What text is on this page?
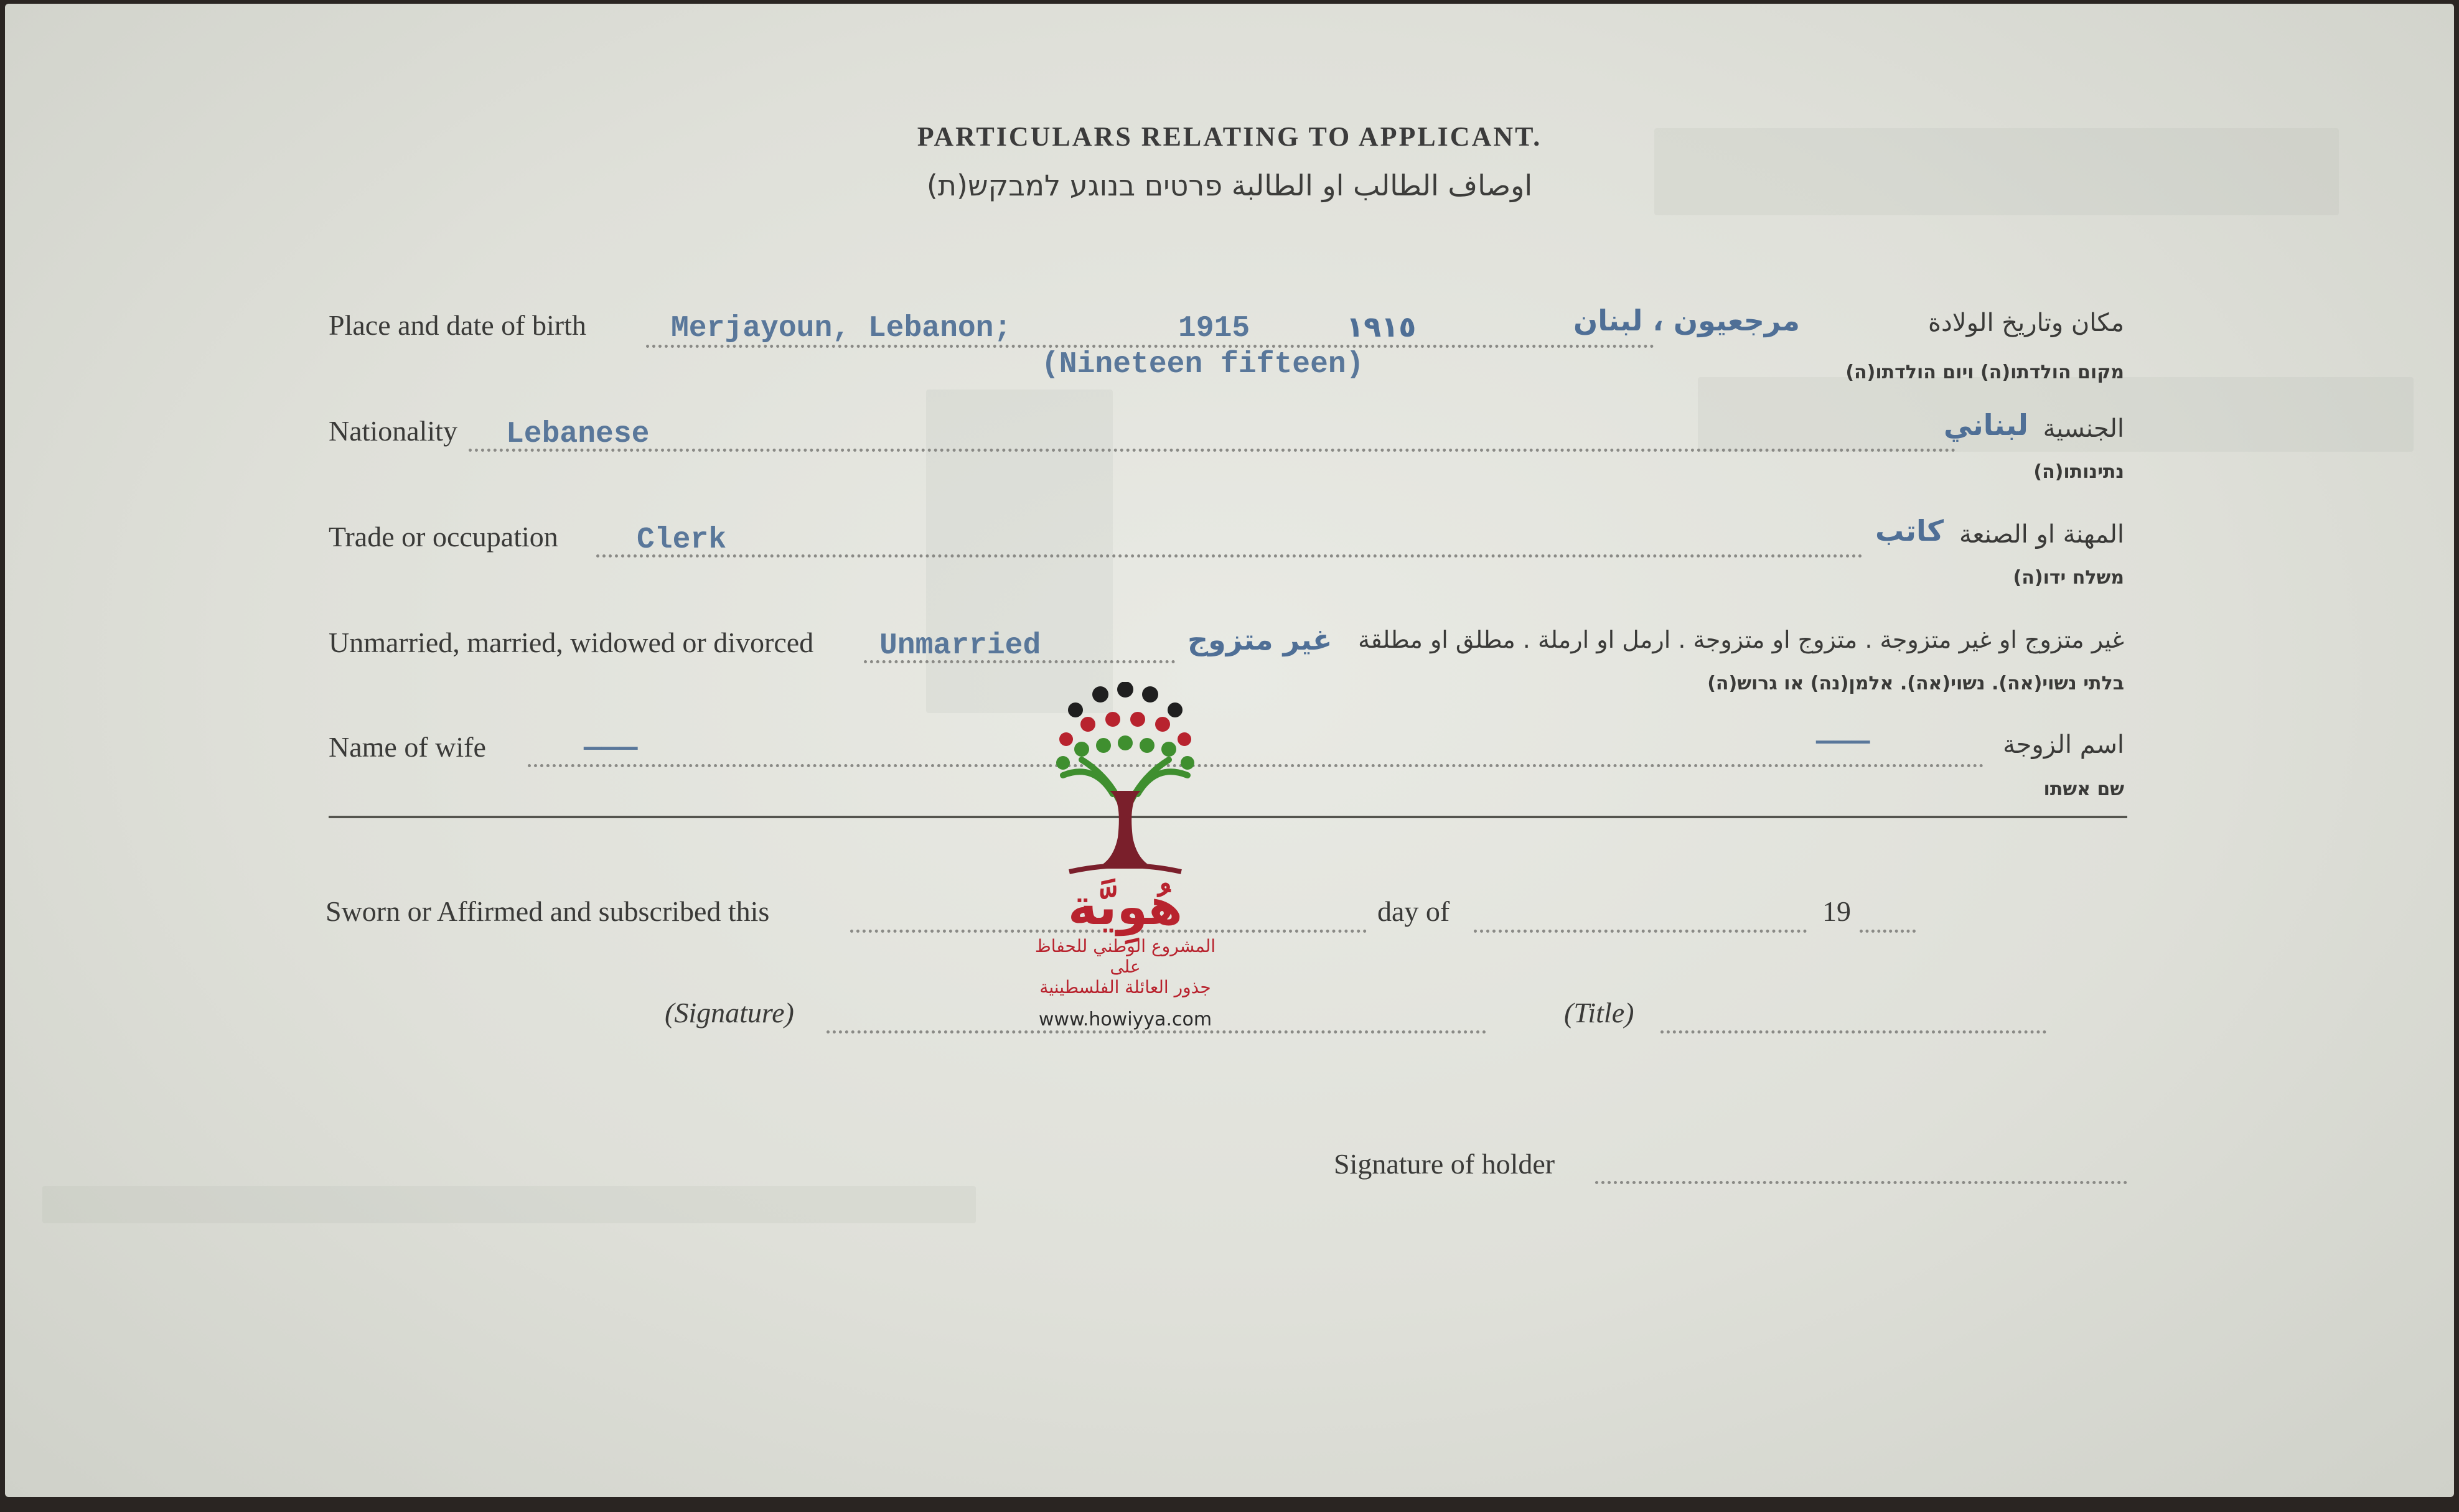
PARTICULARS RELATING TO APPLICANT.
اوصاف الطالب او الطالبة פרטים בנוגע למבקש(ת)
Place and date of birth	Merjayoun, Lebanon;	1915	١٩١٥
(Nineteen fifteen)
مرجعيون ، لبنان	مكان وتاريخ الولادة
מקום הולדתו(ה) ויום הולדתו(ה)
Nationality Lebanese	لبناني الجنسية
נתינותו(ה)
Trade or occupation	Clerk	كاتب المهنة او الصنعة
משלח ידו(ה)
Unmarried, married, widowed or divorced Unmarried	غير متزوج غير متزوج او غير متزوجة . متزوج او متزوجة . ارمل او ارملة . مطلق او مطلقة
בלתי נשוי(אה). נשוי(אה). אלמן(נה) או גרוש(ה)
Name of wife	———	———	اسم الزوجة
שם אשתו
Sworn or Affirmed and subscribed this	day of	19
(Signature)	(Title)
Signature of holder
هُوِيَّة
المشروع الوطني للحفاظ على
جذور العائلة الفلسطينية
www.howiyya.com
